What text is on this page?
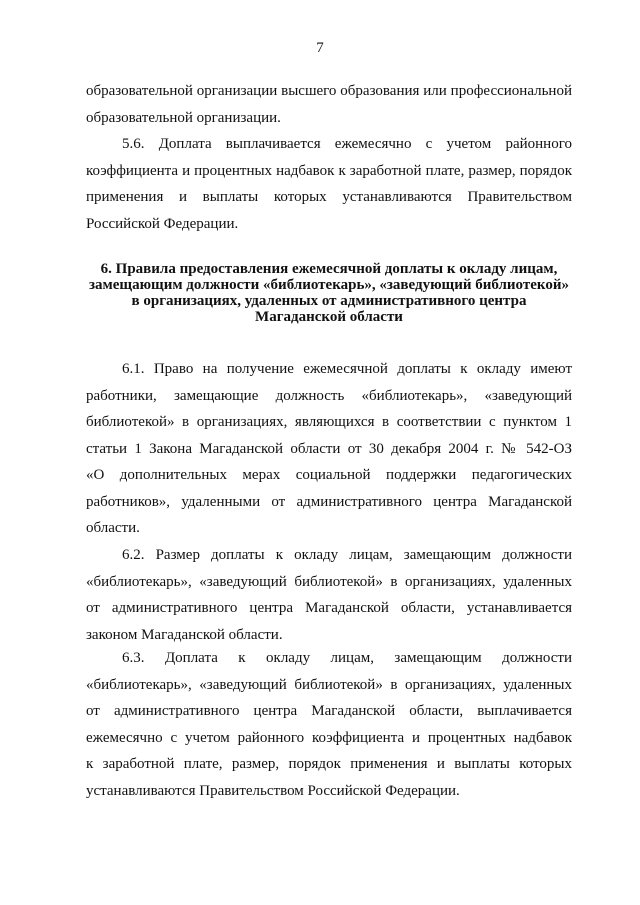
7
образовательной организации высшего образования или профессиональной
образовательной организации.
5.6. Доплата выплачивается ежемесячно с учетом районного
коэффициента и процентных надбавок к заработной плате, размер, порядок
применения и выплаты которых устанавливаются Правительством
Российской Федерации.
6. Правила предоставления ежемесячной доплаты к окладу лицам,
замещающим должности «библиотекарь», «заведующий библиотекой»
в организациях, удаленных от административного центра
Магаданской области
6.1. Право на получение ежемесячной доплаты к окладу имеют
работники, замещающие должность «библиотекарь», «заведующий
библиотекой» в организациях, являющихся в соответствии с пунктом 1
статьи 1 Закона Магаданской области от 30 декабря 2004 г. № 542-ОЗ
«О дополнительных мерах социальной поддержки педагогических
работников», удаленными от административного центра Магаданской
области.
6.2. Размер доплаты к окладу лицам, замещающим должности
«библиотекарь», «заведующий библиотекой» в организациях, удаленных
от административного центра Магаданской области, устанавливается
законом Магаданской области.
6.3. Доплата к окладу лицам, замещающим должности
«библиотекарь», «заведующий библиотекой» в организациях, удаленных
от административного центра Магаданской области, выплачивается
ежемесячно с учетом районного коэффициента и процентных надбавок
к заработной плате, размер, порядок применения и выплаты которых
устанавливаются Правительством Российской Федерации.
